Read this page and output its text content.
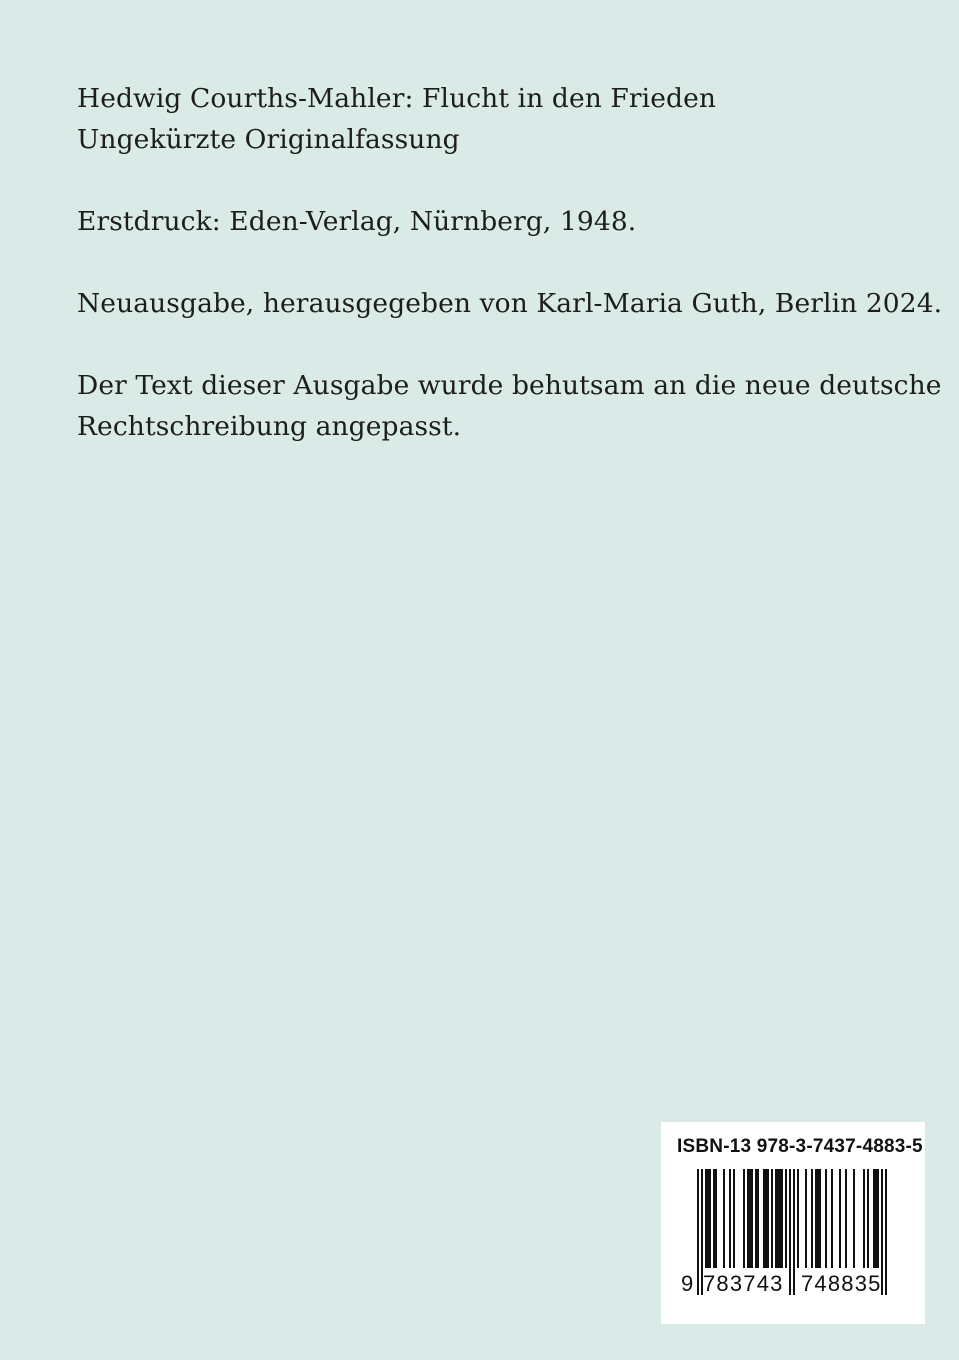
Hedwig Courths-Mahler: Flucht in den Frieden
Ungekürzte Originalfassung

Erstdruck: Eden-Verlag, Nürnberg, 1948.

Neuausgabe, herausgegeben von Karl-Maria Guth, Berlin 2024.

Der Text dieser Ausgabe wurde behutsam an die neue deutsche
Rechtschreibung angepasst.

ISBN-13 978-3-7437-4883-5
9 783743 748835
